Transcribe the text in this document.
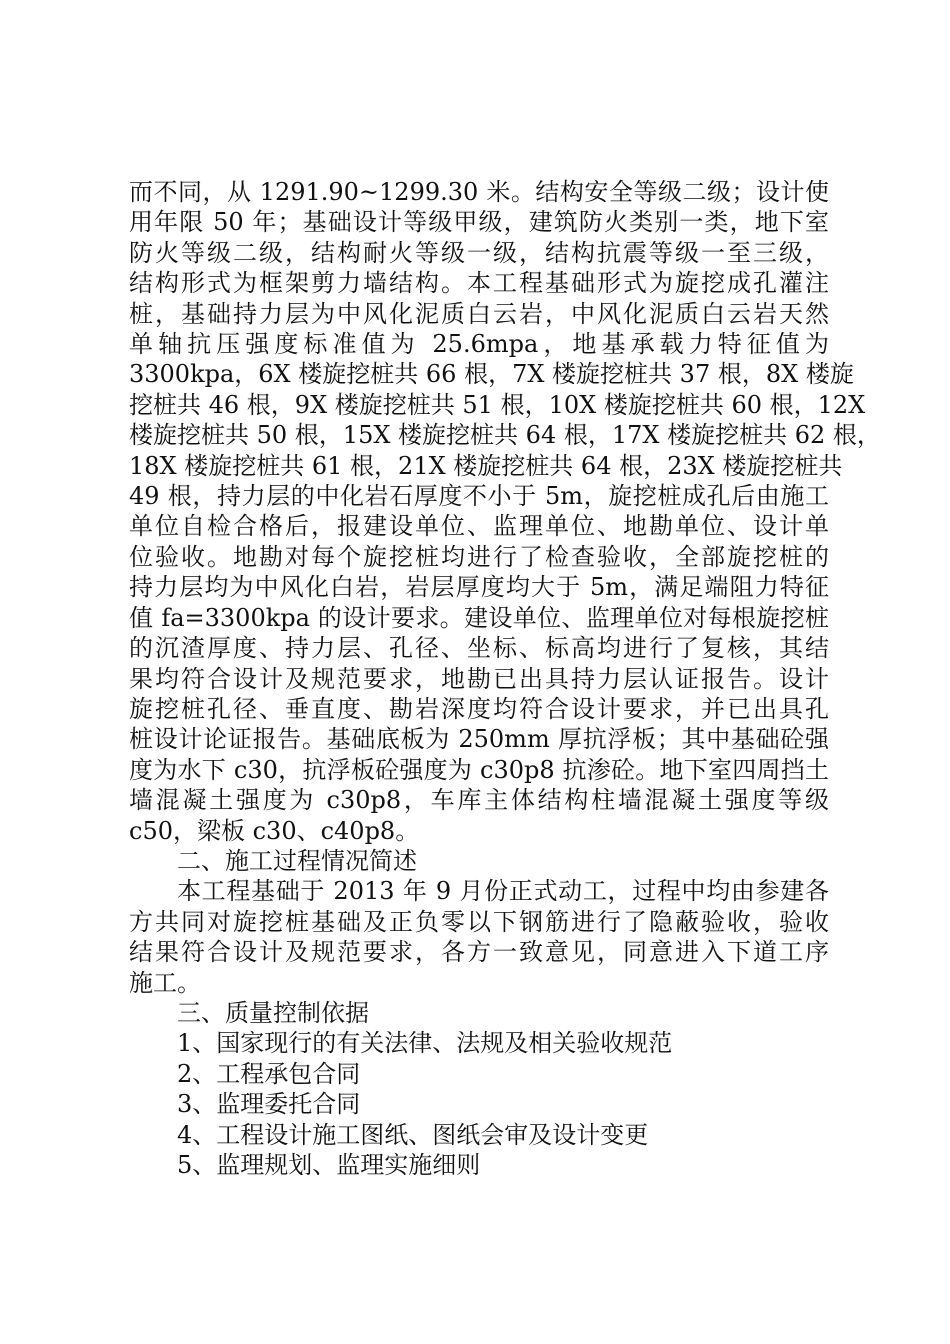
而不同，从 1291.90~1299.30 米。结构安全等级二级；设计使
用年限 50 年；基础设计等级甲级，建筑防火类别一类，地下室
防火等级二级，结构耐火等级一级，结构抗震等级一至三级，
结构形式为框架剪力墙结构。本工程基础形式为旋挖成孔灌注
桩，基础持力层为中风化泥质白云岩，中风化泥质白云岩天然
单轴抗压强度标准值为 25.6mpa，地基承载力特征值为
3300kpa，6X 楼旋挖桩共 66 根，7X 楼旋挖桩共 37 根，8X 楼旋
挖桩共 46 根，9X 楼旋挖桩共 51 根，10X 楼旋挖桩共 60 根，12X
楼旋挖桩共 50 根，15X 楼旋挖桩共 64 根，17X 楼旋挖桩共 62 根，
18X 楼旋挖桩共 61 根，21X 楼旋挖桩共 64 根，23X 楼旋挖桩共
49 根，持力层的中化岩石厚度不小于 5m，旋挖桩成孔后由施工
单位自检合格后，报建设单位、监理单位、地勘单位、设计单
位验收。地勘对每个旋挖桩均进行了检查验收，全部旋挖桩的
持力层均为中风化白岩，岩层厚度均大于 5m，满足端阻力特征
值 fa=3300kpa 的设计要求。建设单位、监理单位对每根旋挖桩
的沉渣厚度、持力层、孔径、坐标、标高均进行了复核，其结
果均符合设计及规范要求，地勘已出具持力层认证报告。设计
旋挖桩孔径、垂直度、勘岩深度均符合设计要求，并已出具孔
桩设计论证报告。基础底板为 250mm 厚抗浮板；其中基础砼强
度为水下 c30，抗浮板砼强度为 c30p8 抗渗砼。地下室四周挡土
墙混凝土强度为 c30p8，车库主体结构柱墙混凝土强度等级
c50，梁板 c30、c40p8。
二、施工过程情况简述
本工程基础于 2013 年 9 月份正式动工，过程中均由参建各
方共同对旋挖桩基础及正负零以下钢筋进行了隐蔽验收，验收
结果符合设计及规范要求，各方一致意见，同意进入下道工序
施工。
三、质量控制依据
1、国家现行的有关法律、法规及相关验收规范
2、工程承包合同
3、监理委托合同
4、工程设计施工图纸、图纸会审及设计变更
5、监理规划、监理实施细则
